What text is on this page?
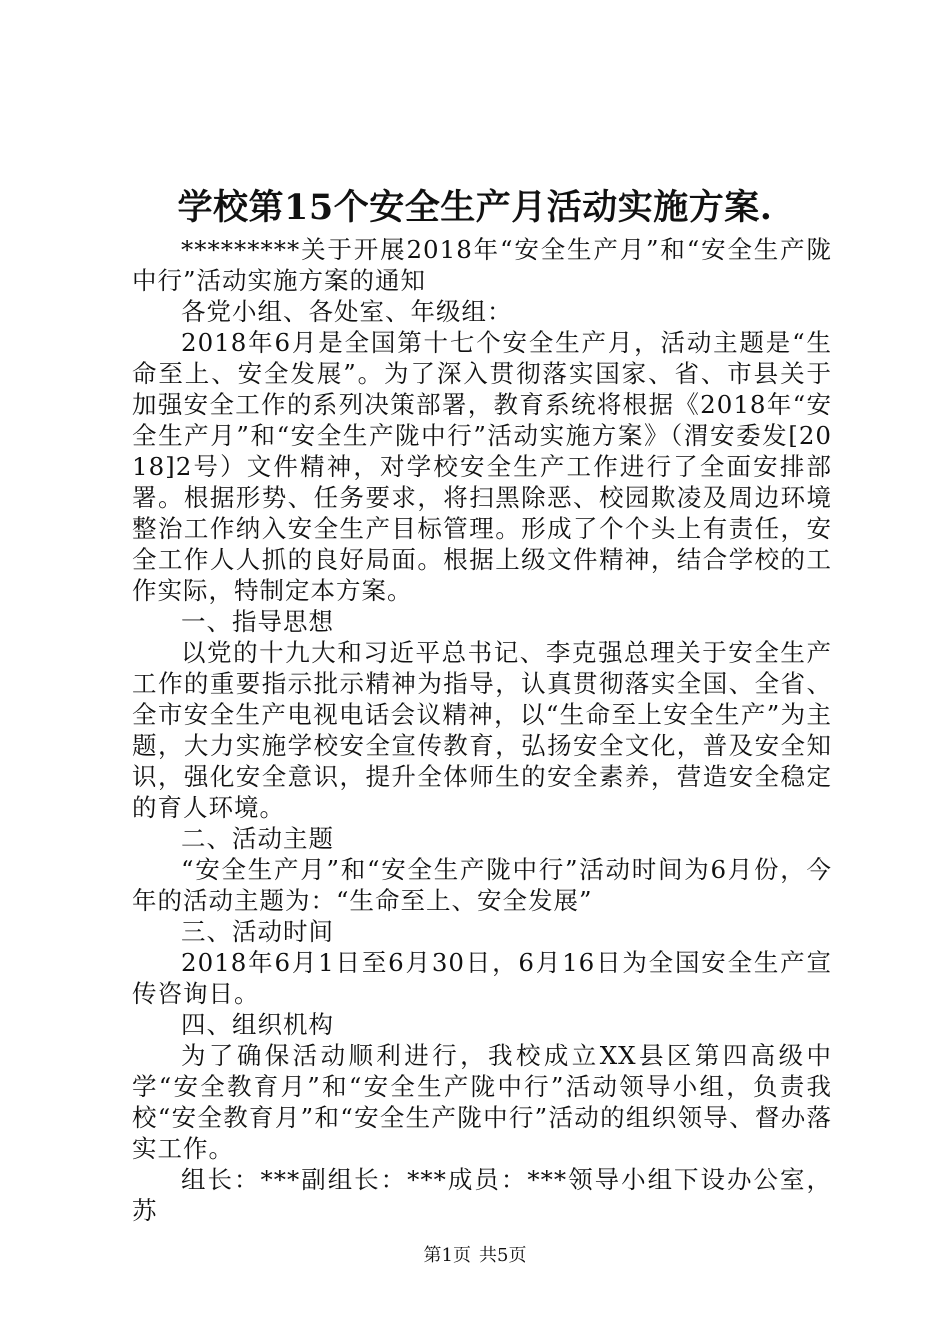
学校第15个安全生产月活动实施方案.

*********关于开展2018年“安全生产月”和“安全生产陇中行”活动实施方案的通知

各党小组、各处室、年级组：

2018年6月是全国第十七个安全生产月，活动主题是“生命至上、安全发展”。为了深入贯彻落实国家、省、市县关于加强安全工作的系列决策部署，教育系统将根据《2018年“安全生产月”和“安全生产陇中行”活动实施方案》（渭安委发[2018]2号）文件精神，对学校安全生产工作进行了全面安排部署。根据形势、任务要求，将扫黑除恶、校园欺凌及周边环境整治工作纳入安全生产目标管理。形成了个个头上有责任，安全工作人人抓的良好局面。根据上级文件精神，结合学校的工作实际，特制定本方案。

一、指导思想

以党的十九大和习近平总书记、李克强总理关于安全生产工作的重要指示批示精神为指导，认真贯彻落实全国、全省、全市安全生产电视电话会议精神，以“生命至上安全生产”为主题，大力实施学校安全宣传教育，弘扬安全文化，普及安全知识，强化安全意识，提升全体师生的安全素养，营造安全稳定的育人环境。

二、活动主题

“安全生产月”和“安全生产陇中行”活动时间为6月份，今年的活动主题为：“生命至上、安全发展”

三、活动时间

2018年6月1日至6月30日，6月16日为全国安全生产宣传咨询日。

四、组织机构

为了确保活动顺利进行，我校成立XX县区第四高级中学“安全教育月”和“安全生产陇中行”活动领导小组，负责我校“安全教育月”和“安全生产陇中行”活动的组织领导、督办落实工作。

组长：***副组长：***成员：***领导小组下设办公室，苏

第1页 共5页
